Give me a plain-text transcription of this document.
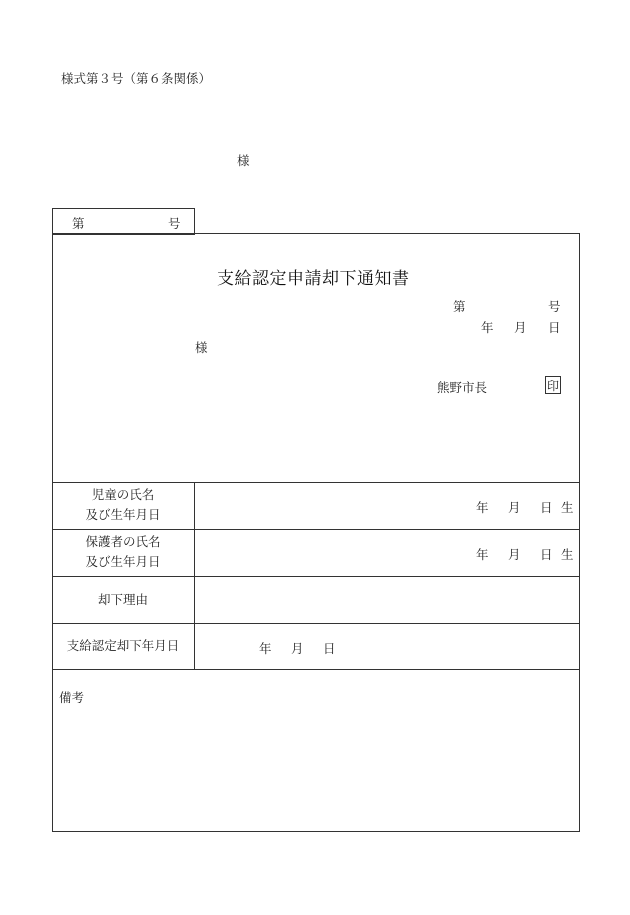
様式第３号（第６条関係）
様
第	号
支給認定申請却下通知書
第	号
年 月 日
様
熊野市長	印
児童の氏名
及び生年月日	年 月 日 生
保護者の氏名
及び生年月日	年 月 日 生
却下理由
支給認定却下年月日	年 月 日
備考
